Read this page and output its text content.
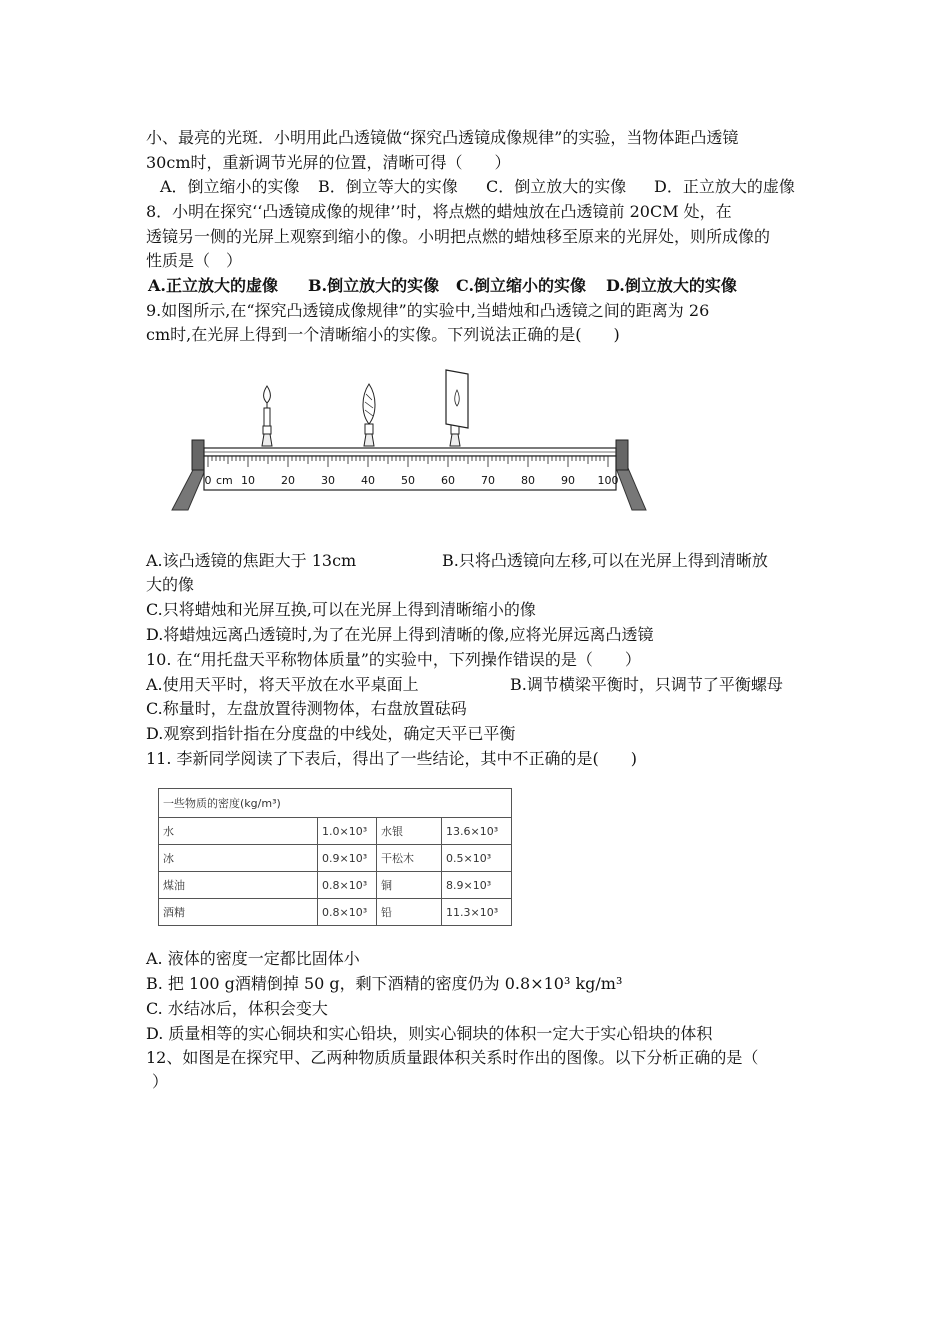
小、最亮的光斑．小明用此凸透镜做“探究凸透镜成像规律”的实验，当物体距凸透镜
30cm时，重新调节光屏的位置，清晰可得（　　）
A．倒立缩小的实像 B．倒立等大的实像 C．倒立放大的实像 D．正立放大的虚像
8．小明在探究‘‘凸透镜成像的规律’’时，将点燃的蜡烛放在凸透镜前 20CM 处，在
透镜另一侧的光屏上观察到缩小的像。小明把点燃的蜡烛移至原来的光屏处，则所成像的
性质是（　）
A.正立放大的虚像 B.倒立放大的实像 C.倒立缩小的实像 D.倒立放大的实像
9.如图所示,在“探究凸透镜成像规律”的实验中,当蜡烛和凸透镜之间的距离为 26
cm时,在光屏上得到一个清晰缩小的实像。下列说法正确的是(　　)
0 cm 10 20 30 40 50 60 70 80 90 100
A.该凸透镜的焦距大于 13cm	B.只将凸透镜向左移,可以在光屏上得到清晰放
大的像
C.只将蜡烛和光屏互换,可以在光屏上得到清晰缩小的像
D.将蜡烛远离凸透镜时,为了在光屏上得到清晰的像,应将光屏远离凸透镜
10. 在“用托盘天平称物体质量”的实验中，下列操作错误的是（　　）
A.使用天平时，将天平放在水平桌面上	B.调节横梁平衡时，只调节了平衡螺母
C.称量时，左盘放置待测物体，右盘放置砝码
D.观察到指针指在分度盘的中线处，确定天平已平衡
11. 李新同学阅读了下表后，得出了一些结论，其中不正确的是(　　)
一些物质的密度(kg/m³)			
水	1.0×10³	水银	13.6×10³
冰	0.9×10³	干松木	0.5×10³
煤油	0.8×10³	铜	8.9×10³
酒精	0.8×10³	铅	11.3×10³
A. 液体的密度一定都比固体小
B. 把 100 g酒精倒掉 50 g，剩下酒精的密度仍为 0.8×10³ kg/m³
C. 水结冰后，体积会变大
D. 质量相等的实心铜块和实心铅块，则实心铜块的体积一定大于实心铅块的体积
12、如图是在探究甲、乙两种物质质量跟体积关系时作出的图像。以下分析正确的是（
）
